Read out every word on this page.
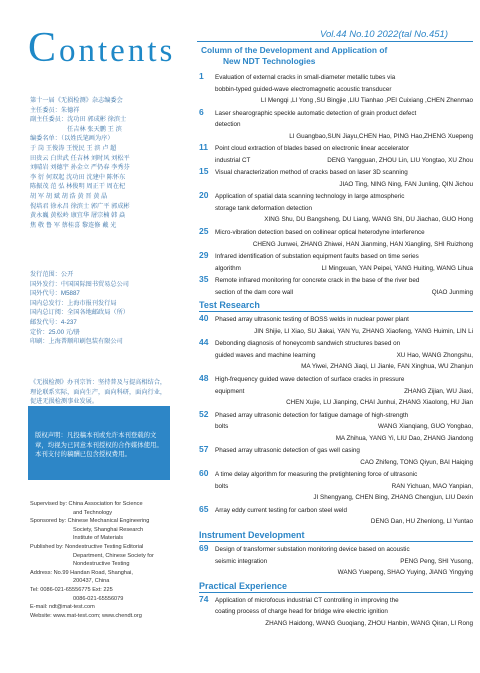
Contents
第十一届《无损检测》杂志编委会
主任委员：朱德祥
副主任委员：沈功田 郭成彬 徐滨士
　　　　　　任吉林 张天鹏 王 滨
编委名单：（以姓氏笔画为序）
于 岗 王俊涛 王悦民 王 滨 卢 超
田贵云 白世武 任吉林 刘时风 刘松平
刘晴岩 刘德宇 孙金立 严仍春 李秀芬
李 衍 何双起 沈功田 沈建中 陈怀东
陈振茂 范 弘 林俊明 周正干 周在杞
胡 军 胡 斌 胡 浩 黄 晋 黄 晶
倪培君 徐永昌 徐滨士 郭广平 郭成彬
黄永巍 黄松岭 康宜华 屠宗楠 韩 焱
焦 敬 鲁 军 蔡桂喜 黎连修 戴 光
发行范围：公开
国外发行：中国国际图书贸易总公司
国外代号：M5887
国内总发行：上海市报刊发行局
国内总订阅：全国各地邮政局（所）
邮发代号：4-237
定价：25.00 元/册
印刷：上海普顺印刷包装有限公司
《无损检测》办刊宗旨：坚持普及与提高相结合，理论联系实际，面向生产，面向科研，面向行业，促进无损检测事业发展。
版权声明：凡投稿本刊或允许本刊登载的文章，均视为已同意本刊授权的合作媒体使用。本刊支付的稿酬已包含授权费用。
Supervised by: China Association for Science
and Technology
Sponsored by: Chinese Mechanical Engineering
Society, Shanghai Research
Institute of Materials
Published by: Nondestructive Testing Editorial
Department, Chinese Society for
Nondestructive Testing
Address: No.99 Handan Road, Shanghai,
200437, China
Tel: 0086-021-65556775 Ext: 225
0086-021-65556079
E-mail: ndt@mat-test.com
Website: www.mat-test.com; www.chendt.org
Vol.44 No.10 2022(tal No.451)
Column of the Development and Application of
New NDT Technologies
1	Evaluation of external cracks in small-diameter metallic tubes via
bobbin-typed guided-wave electromagnetic acoustic transducer
LI Mengqi ,LI Yong ,SU Bingjie ,LIU Tianhao ,PEI Cuixiang ,CHEN Zhenmao
6	Laser shearographic speckle automatic detection of grain product defect
detection
LI Guangbao,SUN Jiayu,CHEN Hao, PING Hao,ZHENG Xuepeng
11	Point cloud extraction of blades based on electronic linear accelerator
industrial CT	DENG Yangguan, ZHOU Lin, LIU Yongtao, XU Zhou
15	Visual characterization method of cracks based on laser 3D scanning
JIAO Ting, NING Ning, FAN Junling, QIN Jichou
20	Application of spatial data scanning technology in large atmospheric
storage tank deformation detection
XING Shu, DU Bangsheng, DU Liang, WANG Shi, DU Jiachao, GUO Hong
25	Micro-vibration detection based on collinear optical heterodyne interference
CHENG Junwei, ZHANG Zhiwei, HAN Jianming, HAN Xiangling, SHI Ruizhong
29	Infrared identification of substation equipment faults based on time series
algorithm	LI Mingxuan, YAN Peipei, YANG Huiting, WANG Lihua
35	Remote infrared monitoring for concrete crack in the base of the river bed
section of the dam core wall	QIAO Junming
Test Research
40	Phased array ultrasonic testing of BOSS welds in nuclear power plant
JIN Shijie, LI Xiao, SU Jiakai, YAN Yu, ZHANG Xiaofeng, YANG Huimin, LIN Li
44	Debonding diagnosis of honeycomb sandwich structures based on
guided waves and machine learning	XU Hao, WANG Zhongshu,
MA Yiwei, ZHANG Jiaqi, LI Jianle, FAN Xinghua, WU Zhanjun
48	High-frequency guided wave detection of surface cracks in pressure
equipment	ZHANG Zijian, WU Jiaxi,
CHEN Xujie, LU Jianping, CHAI Junhui, ZHANG Xiaolong, HU Jian
52	Phased array ultrasonic detection for fatigue damage of high-strength
bolts	WANG Xianqiang, GUO Yongbao,
MA Zhihua, YANG Yi, LIU Dao, ZHANG Jiandong
57	Phased array ultrasonic detection of gas well casing
CAO Zhifeng, TONG Qiyun, BAI Haiqing
60	A time delay algorithm for measuring the pretightening force of ultrasonic
bolts	RAN Yichuan, MAO Yanpian,
JI Shengyang, CHEN Bing, ZHANG Chengjun, LIU Dexin
65	Array eddy current testing for carbon steel weld
DENG Dan, HU Zhenlong, LI Yuntao
Instrument Development
69	Design of transformer substation monitoring device based on acoustic
seismic integration	PENG Peng, SHI Yusong,
WANG Yuepeng, SHAO Yuying, JIANG Yingying
Practical Experience
74	Application of microfocus industrial CT controlling in improving the
coating process of charge head for bridge wire electric ignition
ZHANG Haidong, WANG Guoqiang, ZHOU Hanbin, WANG Qiran, LI Rong
